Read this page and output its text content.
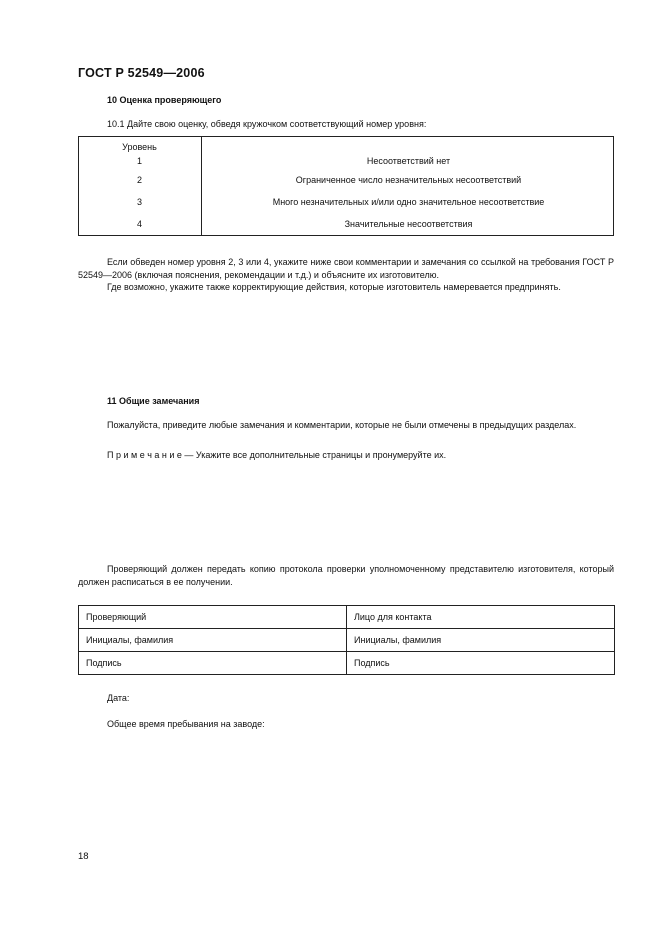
ГОСТ Р 52549—2006
10 Оценка проверяющего
10.1 Дайте свою оценку, обведя кружочком соответствующий номер уровня:
Уровень	
1	Несоответствий нет
2	Ограниченное число незначительных несоответствий
3	Много незначительных и/или одно значительное несоответствие
4	Значительные несоответствия
Если обведен номер уровня 2, 3 или 4, укажите ниже свои комментарии и замечания со ссылкой на требования ГОСТ Р 52549—2006 (включая пояснения, рекомендации и т.д.) и объясните их изготовителю.
Где возможно, укажите также корректирующие действия, которые изготовитель намеревается предпринять.
11 Общие замечания
Пожалуйста, приведите любые замечания и комментарии, которые не были отмечены в предыдущих разделах.
П р и м е ч а н и е — Укажите все дополнительные страницы и пронумеруйте их.
Проверяющий должен передать копию протокола проверки уполномоченному представителю изготовителя, который должен расписаться в ее получении.
Проверяющий	Лицо для контакта
Инициалы, фамилия	Инициалы, фамилия
Подпись	Подпись
Дата:
Общее время пребывания на заводе:
18
